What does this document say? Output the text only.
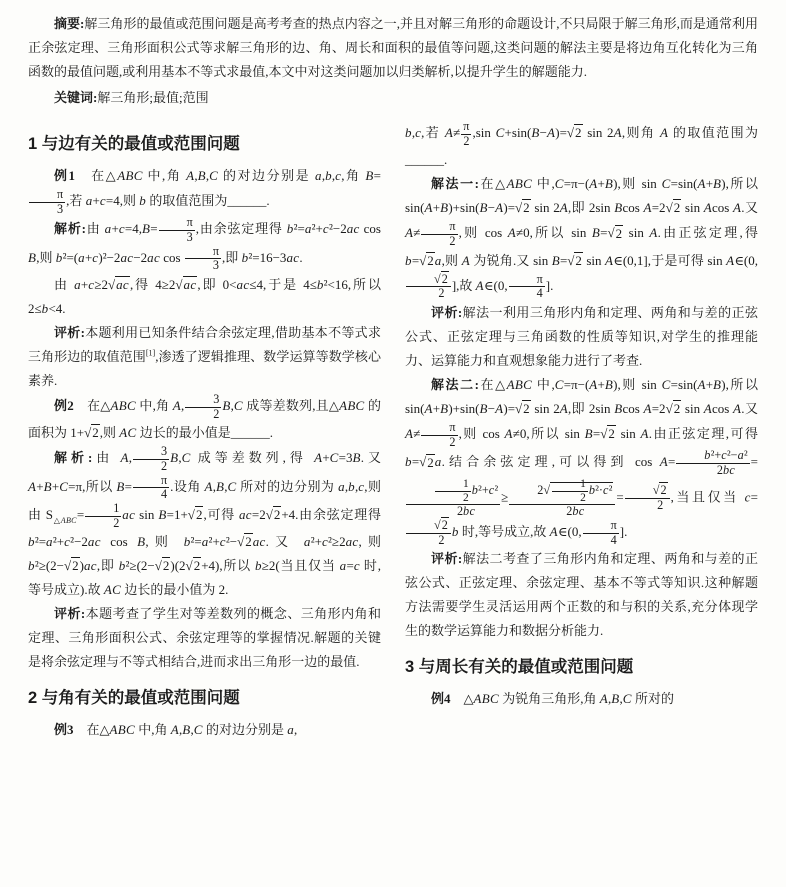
摘要:解三角形的最值或范围问题是高考考查的热点内容之一,并且对解三角形的命题设计,不只局限于解三角形,而是通常利用正余弦定理、三角形面积公式等求解三角形的边、角、周长和面积的最值等问题,这类问题的解法主要是将边角互化转化为三角函数的最值问题,或利用基本不等式求最值,本文中对这类问题加以归类解析,以提升学生的解题能力.

关键词:解三角形;最值;范围

1 与边有关的最值或范围问题
例1　在△ABC 中,角 A,B,C 的对边分别是 a,b,c,角 B=
$\frac{\pi}{3}$ ,若 a+c=4,则 b 的取值范围为______.
解析:由 $a+c=4,B= \frac{\pi}{3}$ ,由余弦定理得 b²=a²+c²−2ac cos B,则 b²=(a+c)²−2ac−2ac $\cos \frac{\pi}{3}$ ,即 b²=16−3ac.
由 a+c≥2√ac,得 4≥2√ac,即 0<ac≤4,于是 4≤b²<16,所以 2≤b<4.
评析:本题利用已知条件结合余弦定理,借助基本不等式求三角形边的取值范围[1],渗透了逻辑推理、数学运算等数学核心素养.
例2　在△ABC 中,角 A, $\frac{3}{2} B,C$ 成等差数列,且△ABC 的面积为 1+√2,则 AC 边长的最小值是______.
解析:由 A, $\frac{3}{2} B,C$ 成等差数列,得 A+C=3B.又 A+B+C=π,所以 $B= \frac{\pi}{4}$ .设角 A,B,C 所对的边分别为 a,b,c,则由 $S_{\triangle ABC}= \frac{1}{2}$ ac sin B=1+√2,可得 ac=2√2+4.由余弦定理得 b²=a²+c²−2ac cos B,则 b²=a²+c²−√2ac.又 a²+c²≥2ac,则 b²≥(2−√2)ac,即 b²≥(2−√2)(2√2+4),所以 b≥2(当且仅当 a=c 时,等号成立).故 AC 边长的最小值为 2.
评析:本题考查了学生对等差数列的概念、三角形内角和定理、三角形面积公式、余弦定理等的掌握情况.解题的关键是将余弦定理与不等式相结合,进而求出三角形一边的最值.
2 与角有关的最值或范围问题
例3　在△ABC 中,角 A,B,C 的对边分别是 a,
b,c,若 $A\ne \frac{\pi}{2} ,\sin$ C+sin(B−A)=√2 sin 2A,则角 A 的取值范围为______.
解法一:在△ABC 中,C=π−(A+B),则 sin C=sin(A+B),所以 sin(A+B)+sin(B−A)=√2 sin 2A,即 2sin Bcos A=2√2 sin Acos A.又 $A\ne \frac{\pi}{2}$ ,则 cos A≠0,所以 sin B=√2 sin A.由正弦定理,得 b=√2a,则 A 为锐角.又 sin B=√2 sin A∈(0,1],于是可得 sin A∈(0,
$\frac{√2}{2}$ ],故 A∈(0, $\frac{\pi}{4}$ ].
评析:解法一利用三角形内角和定理、两角和与差的正弦公式、正弦定理与三角函数的性质等知识,对学生的推理能力、运算能力和直观想象能力进行了考查.
解法二:在△ABC 中,C=π−(A+B),则 sin C=sin(A+B),所以 sin(A+B)+sin(B−A)=√2 sin 2A,即 2sin Bcos A=2√2 sin Acos A.又 $A\ne \frac{\pi}{2}$ ,则 cos A≠0,所以 sin B=√2 sin A.由正弦定理,可得 b=√2a.结合余弦定理,可以得到 $\cos A= \frac{\text{b²+c²−a²}}{2bc}$ =
$\frac{\frac{1}{2} b^2+c^2}{2bc} \ge \frac{2√ \frac{1}{2} b^2\cdot c^2}{2bc} = \frac{√2}{2}$ ,当且仅当 c=
$\frac{√2}{2}$ b 时,等号成立,故 A∈(0, $\frac{\pi}{4}$ ].
评析:解法二考查了三角形内角和定理、两角和与差的正弦公式、正弦定理、余弦定理、基本不等式等知识.这种解题方法需要学生灵活运用两个正数的和与积的关系,充分体现学生的数学运算能力和数据分析能力.
3 与周长有关的最值或范围问题
例4　△ABC 为锐角三角形,角 A,B,C 所对的
